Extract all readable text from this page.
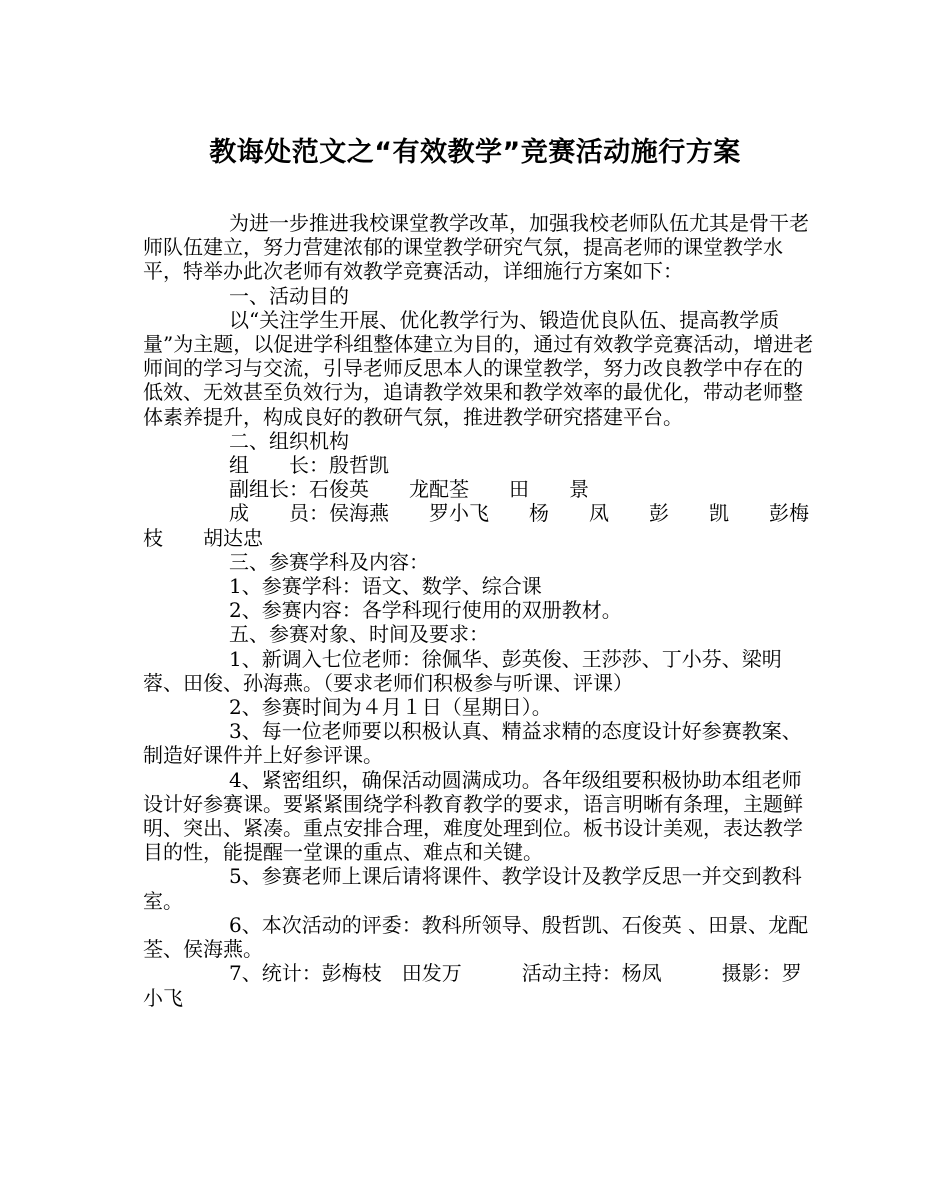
教诲处范文之“有效教学”竞赛活动施行方案

为进一步推进我校课堂教学改革，加强我校老师队伍尤其是骨干老师队伍建立，努力营建浓郁的课堂教学研究气氛，提高老师的课堂教学水平，特举办此次老师有效教学竞赛活动，详细施行方案如下：

一、活动目的

以“关注学生开展、优化教学行为、锻造优良队伍、提高教学质量”为主题，以促进学科组整体建立为目的，通过有效教学竞赛活动，增进老师间的学习与交流，引导老师反思本人的课堂教学，努力改良教学中存在的低效、无效甚至负效行为，追请教学效果和教学效率的最优化，带动老师整体素养提升，构成良好的教研气氛，推进教学研究搭建平台。

二、组织机构

组　　长：殷哲凯

副组长：石俊英　　龙配荃　　田　　景

成　　员：侯海燕　　罗小飞　　杨　　凤　　彭　　凯　　彭梅枝　　胡达忠

三、参赛学科及内容：

1、参赛学科：语文、数学、综合课

2、参赛内容：各学科现行使用的双册教材。

五、参赛对象、时间及要求：

1、新调入七位老师：徐佩华、彭英俊、王莎莎、丁小芬、梁明蓉、田俊、孙海燕。（要求老师们积极参与听课、评课）

2、参赛时间为４月１日（星期日）。

3、每一位老师要以积极认真、精益求精的态度设计好参赛教案、制造好课件并上好参评课。

4、紧密组织，确保活动圆满成功。各年级组要积极协助本组老师设计好参赛课。要紧紧围绕学科教育教学的要求，语言明晰有条理，主题鲜明、突出、紧凑。重点安排合理，难度处理到位。板书设计美观，表达教学目的性，能提醒一堂课的重点、难点和关键。

5、参赛老师上课后请将课件、教学设计及教学反思一并交到教科室。

6、本次活动的评委：教科所领导、殷哲凯、石俊英 、田景、龙配荃、侯海燕。

7、统计：彭梅枝　田发万　　　活动主持：杨凤　　　摄影：罗小飞
